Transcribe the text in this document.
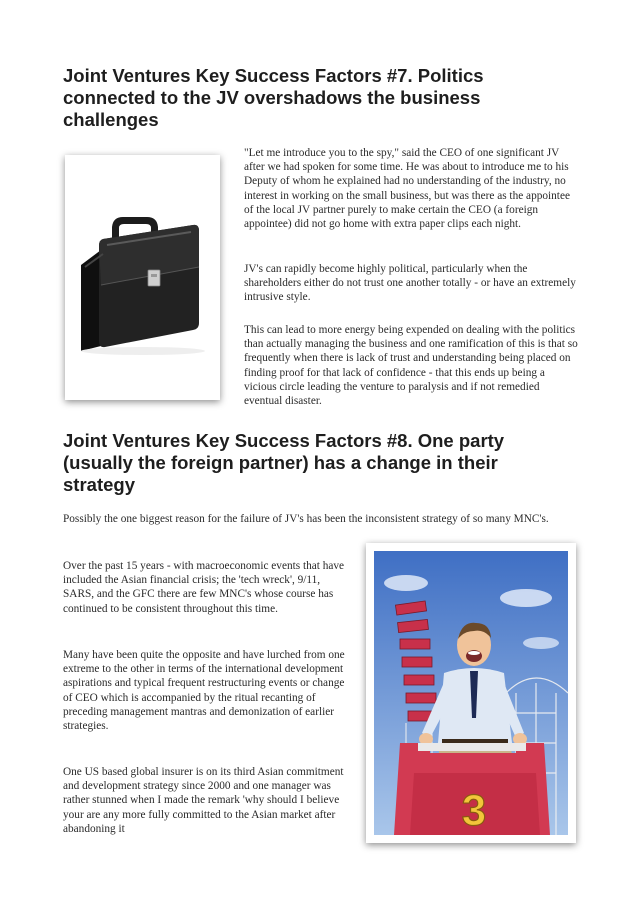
Joint Ventures Key Success Factors #7. Politics connected to the JV overshadows the business challenges

"Let me introduce you to the spy," said the CEO of one significant JV after we had spoken for some time. He was about to introduce me to his Deputy of whom he explained had no understanding of the industry, no interest in working on the small business, but was there as the appointee of the local JV partner purely to make certain the CEO (a foreign appointee) did not go home with extra paper clips each night.

JV's can rapidly become highly political, particularly when the shareholders either do not trust one another totally - or have an extremely intrusive style.

This can lead to more energy being expended on dealing with the politics than actually managing the business and one ramification of this is that so frequently when there is lack of trust and understanding being placed on finding proof for that lack of confidence - that this ends up being a vicious circle leading the venture to paralysis and if not remedied eventual disaster.

Joint Ventures Key Success Factors #8. One party (usually the foreign partner) has a change in their strategy

Possibly the one biggest reason for the failure of JV's has been the inconsistent strategy of so many MNC's.

Over the past 15 years - with macroeconomic events that have included the Asian financial crisis; the 'tech wreck', 9/11, SARS, and the GFC there are few MNC's whose course has continued to be consistent throughout this time.

Many have been quite the opposite and have lurched from one extreme to the other in terms of the international development aspirations and typical frequent restructuring events or change of CEO which is accompanied by the ritual recanting of preceding management mantras and demonization of earlier strategies.

One US based global insurer is on its third Asian commitment and development strategy since 2000 and one manager was rather stunned when I made the remark 'why should I believe your are any more fully committed to the Asian market after abandoning it	3
